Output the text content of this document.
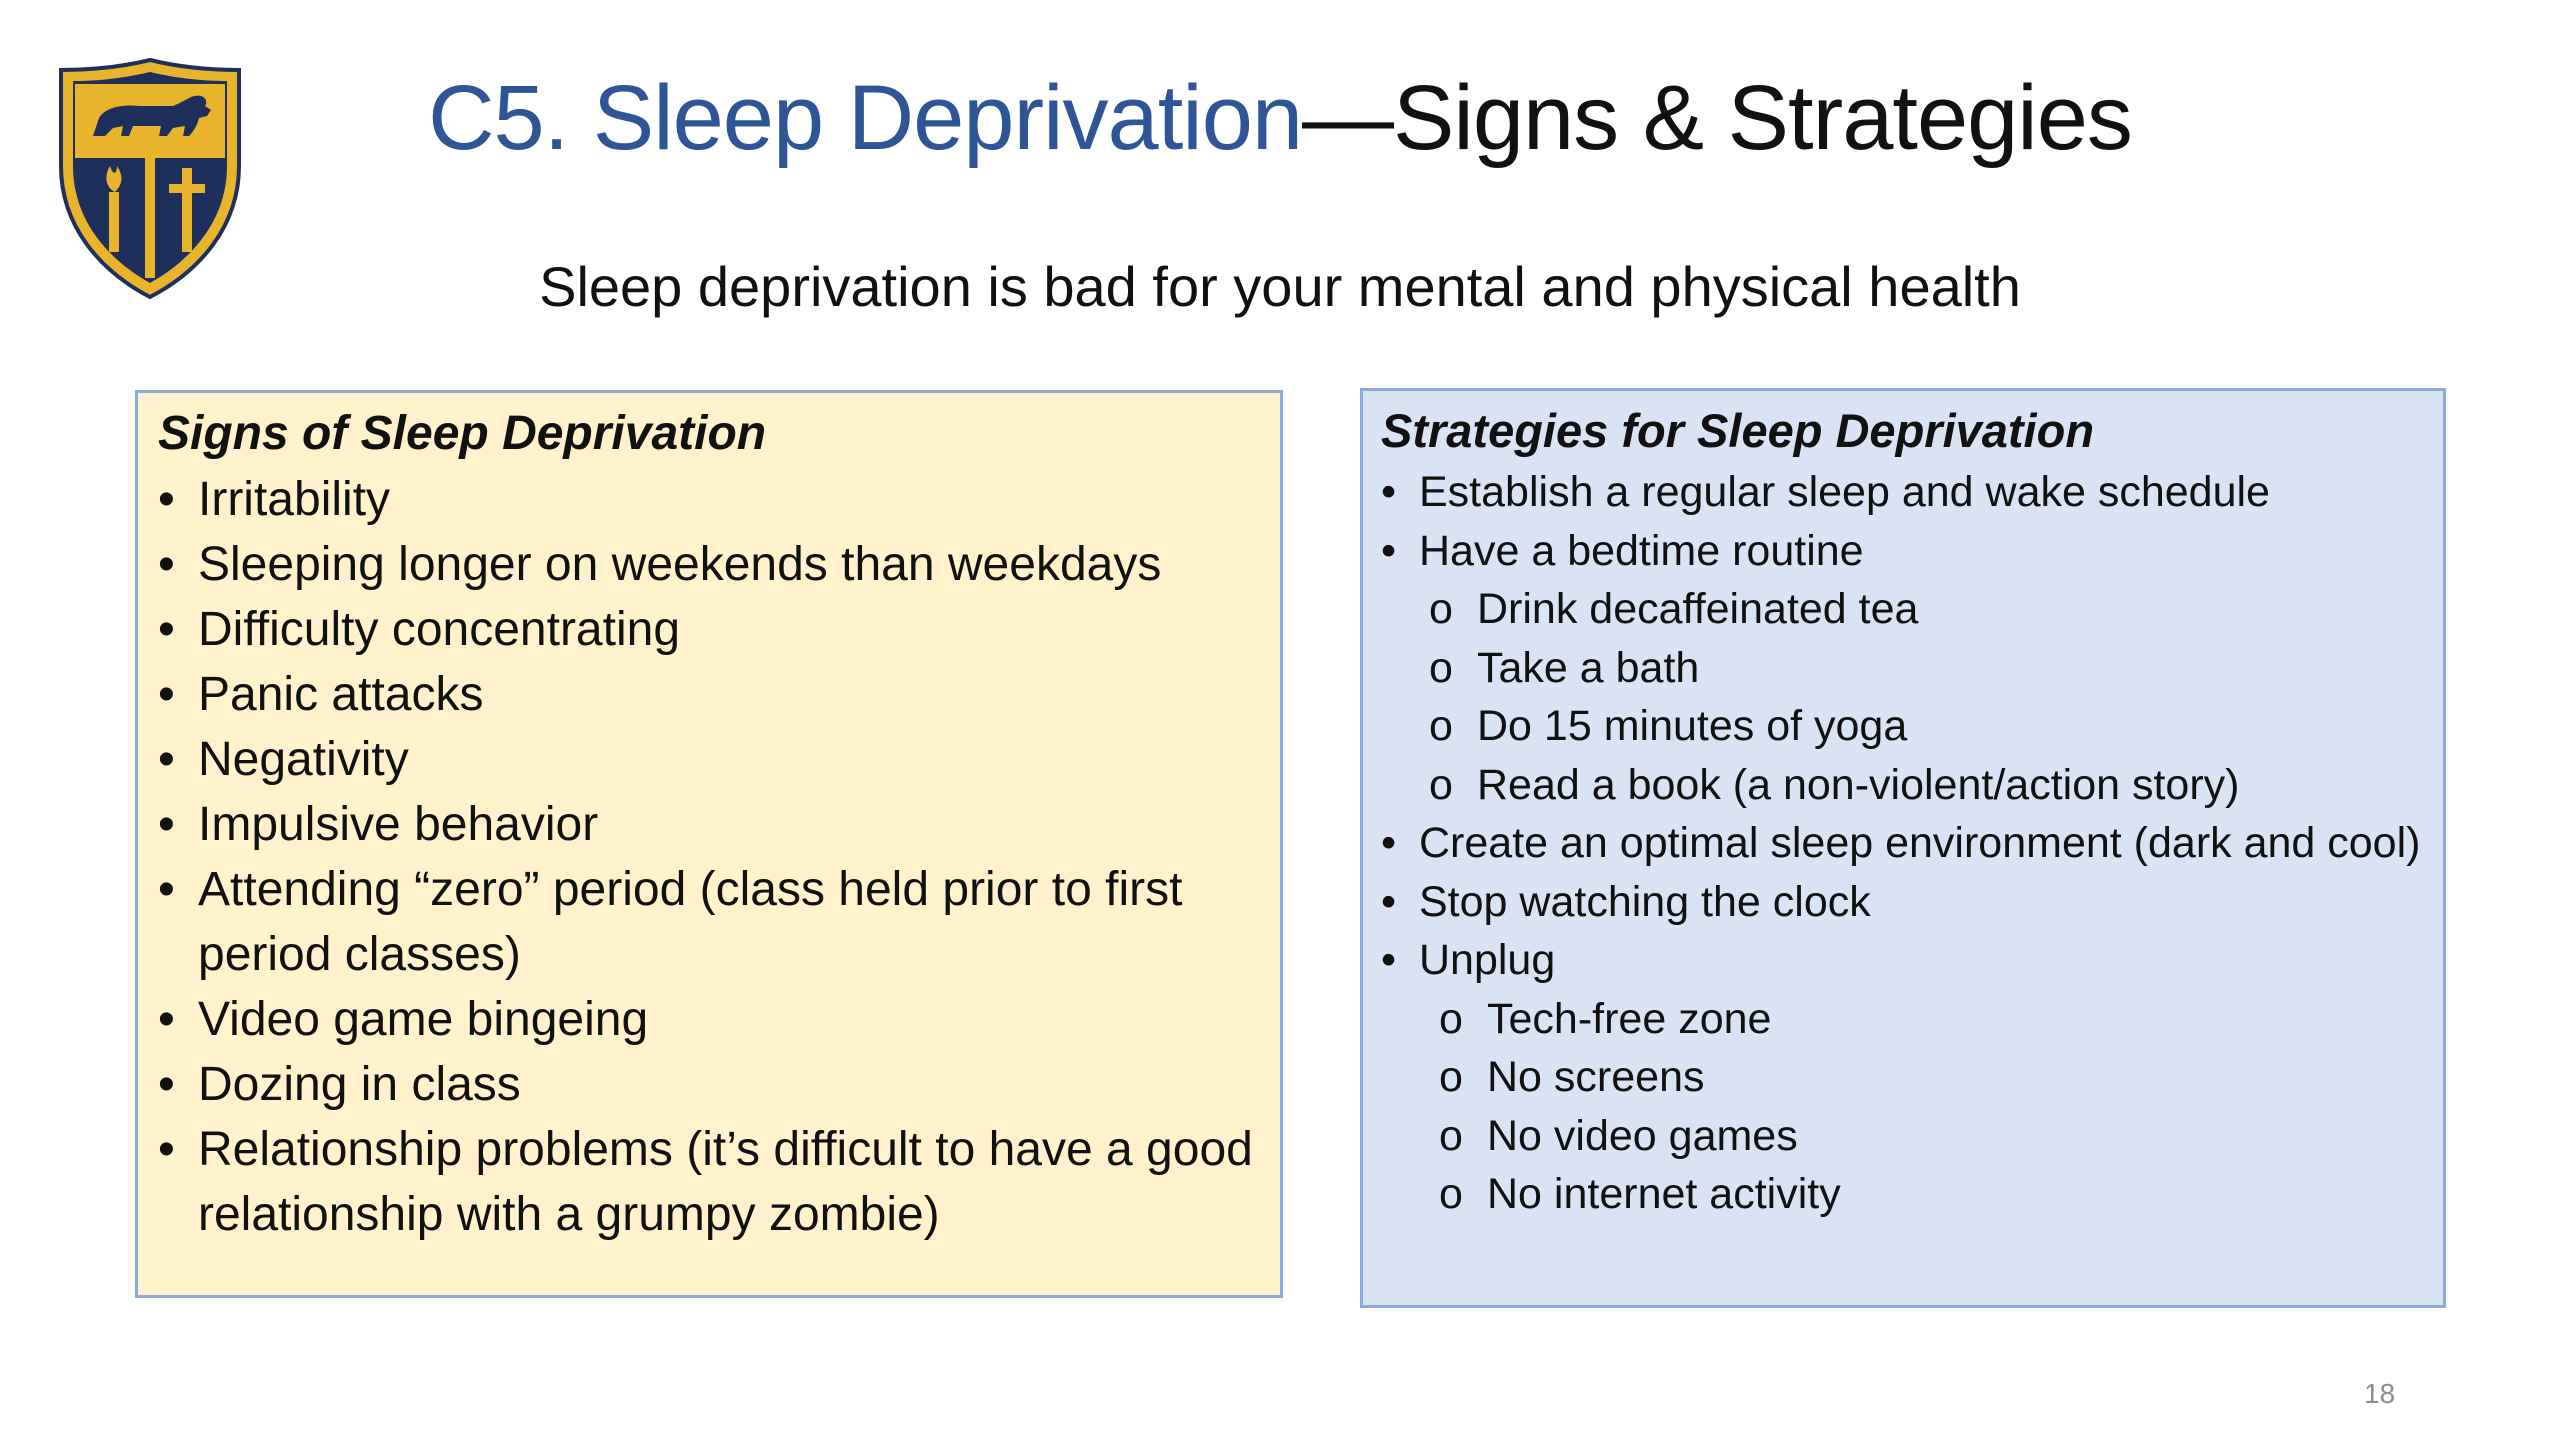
C5. Sleep Deprivation—Signs & Strategies
Sleep deprivation is bad for your mental and physical health

Signs of Sleep Deprivation

• Irritability
• Sleeping longer on weekends than weekdays
• Difficulty concentrating
• Panic attacks
• Negativity
• Impulsive behavior
• Attending “zero” period (class held prior to first period classes)
• Video game bingeing
• Dozing in class
• Relationship problems (it’s difficult to have a good relationship with a grumpy zombie)

Strategies for Sleep Deprivation

• Establish a regular sleep and wake schedule
• Have a bedtime routine
o Drink decaffeinated tea
o Take a bath
o Do 15 minutes of yoga
o Read a book (a non-violent/action story)
• Create an optimal sleep environment (dark and cool)
• Stop watching the clock
• Unplug
o Tech-free zone
o No screens
o No video games
o No internet activity
18
